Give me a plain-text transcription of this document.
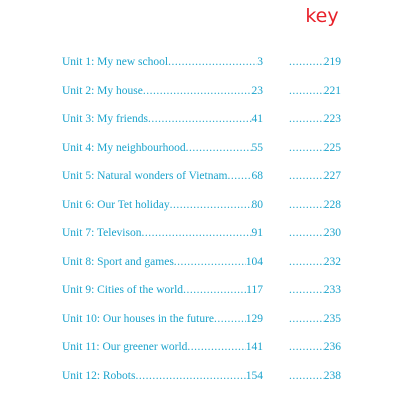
key
Unit 1: My new school .....	3 .....	219
Unit 2: My house .....	23 .....	221
Unit 3: My friends .....	41 .....	223
Unit 4: My neighbourhood .....	55 .....	225
Unit 5: Natural wonders of Vietnam ..... 68 .....	227
Unit 6: Our Tet holiday .....	80 .....	228
Unit 7: Televison .....	91 .....	230
Unit 8: Sport and games .....	104 .....	232
Unit 9: Cities of the world .....	117 .....	233
Unit 10: Our houses in the future .....	129 .....	235
Unit 11: Our greener world .....	141 .....	236
Unit 12: Robots .....	154 .....	238
